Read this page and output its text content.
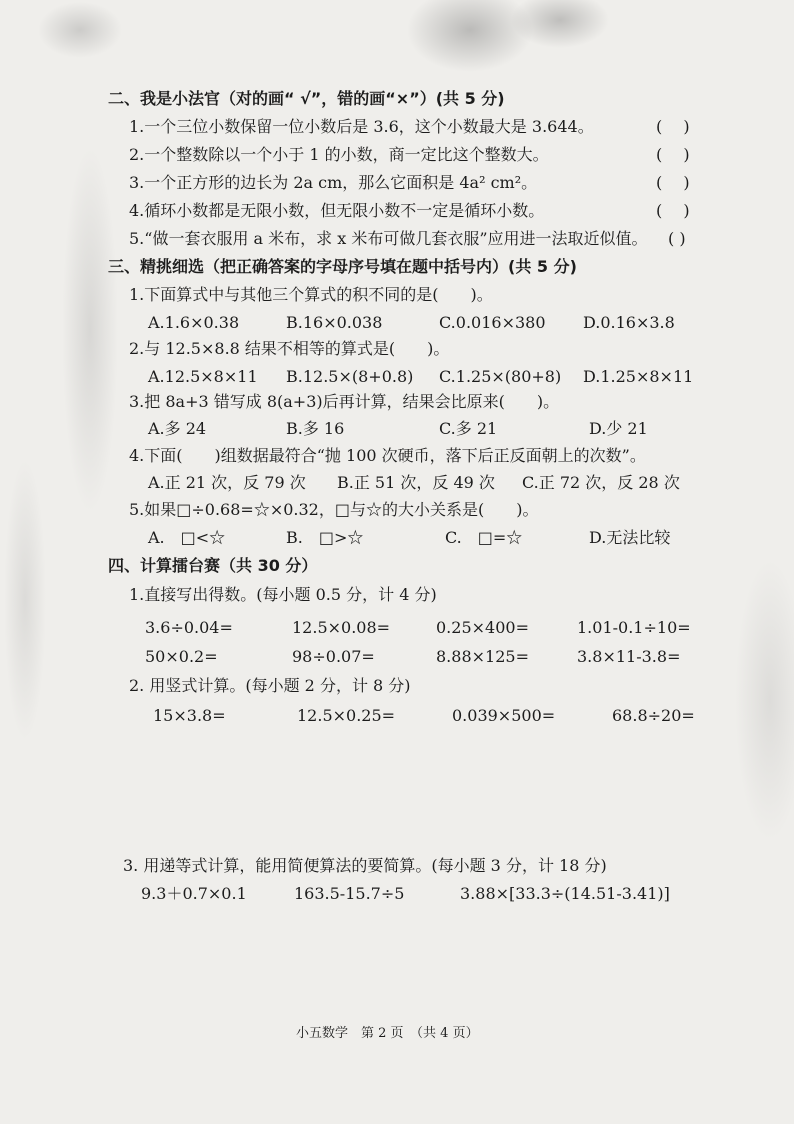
二、我是小法官（对的画“ √”，错的画“×”）(共 5 分)
1.一个三位小数保留一位小数后是 3.6，这个小数最大是 3.644。	(　 )
2.一个整数除以一个小于 1 的小数，商一定比这个整数大。	(　 )
3.一个正方形的边长为 2a cm，那么它面积是 4a² cm²。	(　 )
4.循环小数都是无限小数，但无限小数不一定是循环小数。	(　 )
5.“做一套衣服用 a 米布，求 x 米布可做几套衣服”应用进一法取近似值。 ( )
三、精挑细选（把正确答案的字母序号填在题中括号内）(共 5 分)
1.下面算式中与其他三个算式的积不同的是(　　)。
A.1.6×0.38	B.16×0.038	C.0.016×380 D.0.16×3.8
2.与 12.5×8.8 结果不相等的算式是(　　)。
A.12.5×8×11 B.12.5×(8+0.8) C.1.25×(80+8) D.1.25×8×11
3.把 8a+3 错写成 8(a+3)后再计算，结果会比原来(　　)。
A.多 24	B.多 16	C.多 21	D.少 21
4.下面(　　)组数据最符合“抛 100 次硬币，落下后正反面朝上的次数”。
A.正 21 次，反 79 次 B.正 51 次，反 49 次 C.正 72 次，反 28 次
5.如果□÷0.68=☆×0.32，□与☆的大小关系是(　　)。
A.　□<☆	B.　□>☆	C.　□=☆	D.无法比较
四、计算擂台赛（共 30 分）
1.直接写出得数。(每小题 0.5 分，计 4 分)
3.6÷0.04=	12.5×0.08=	0.25×400=	1.01-0.1÷10=
50×0.2=	98÷0.07=	8.88×125=	3.8×11-3.8=
2. 用竖式计算。(每小题 2 分，计 8 分)
15×3.8=	12.5×0.25=	0.039×500=	68.8÷20=
3. 用递等式计算，能用简便算法的要简算。(每小题 3 分，计 18 分)
9.3＋0.7×0.1	163.5-15.7÷5	3.88×[33.3÷(14.51-3.41)]
小五数学　第 2 页　（共 4 页）
